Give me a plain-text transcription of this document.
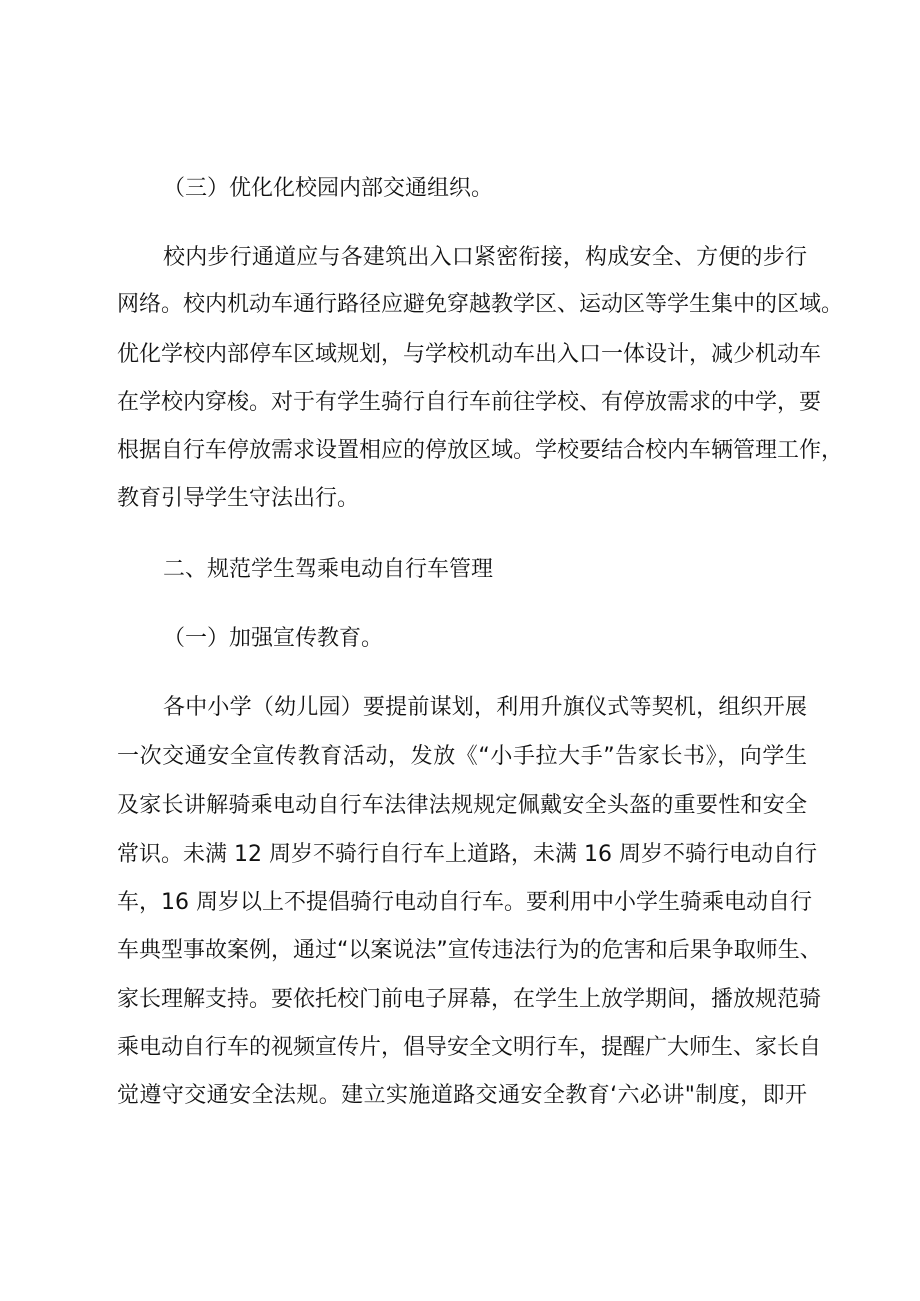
（三）优化化校园内部交通组织。
校内步行通道应与各建筑出入口紧密衔接，构成安全、方便的步行
网络。校内机动车通行路径应避免穿越教学区、运动区等学生集中的区域。
优化学校内部停车区域规划，与学校机动车出入口一体设计，减少机动车
在学校内穿梭。对于有学生骑行自行车前往学校、有停放需求的中学，要
根据自行车停放需求设置相应的停放区域。学校要结合校内车辆管理工作，
教育引导学生守法出行。
二、规范学生驾乘电动自行车管理
（一）加强宣传教育。
各中小学（幼儿园）要提前谋划，利用升旗仪式等契机，组织开展
一次交通安全宣传教育活动，发放《“小手拉大手”告家长书》，向学生
及家长讲解骑乘电动自行车法律法规规定佩戴安全头盔的重要性和安全
常识。未满 12 周岁不骑行自行车上道路，未满 16 周岁不骑行电动自行
车，16 周岁以上不提倡骑行电动自行车。要利用中小学生骑乘电动自行
车典型事故案例，通过“以案说法”宣传违法行为的危害和后果争取师生、
家长理解支持。要依托校门前电子屏幕，在学生上放学期间，播放规范骑
乘电动自行车的视频宣传片，倡导安全文明行车，提醒广大师生、家长自
觉遵守交通安全法规。建立实施道路交通安全教育‘六必讲"制度，即开
